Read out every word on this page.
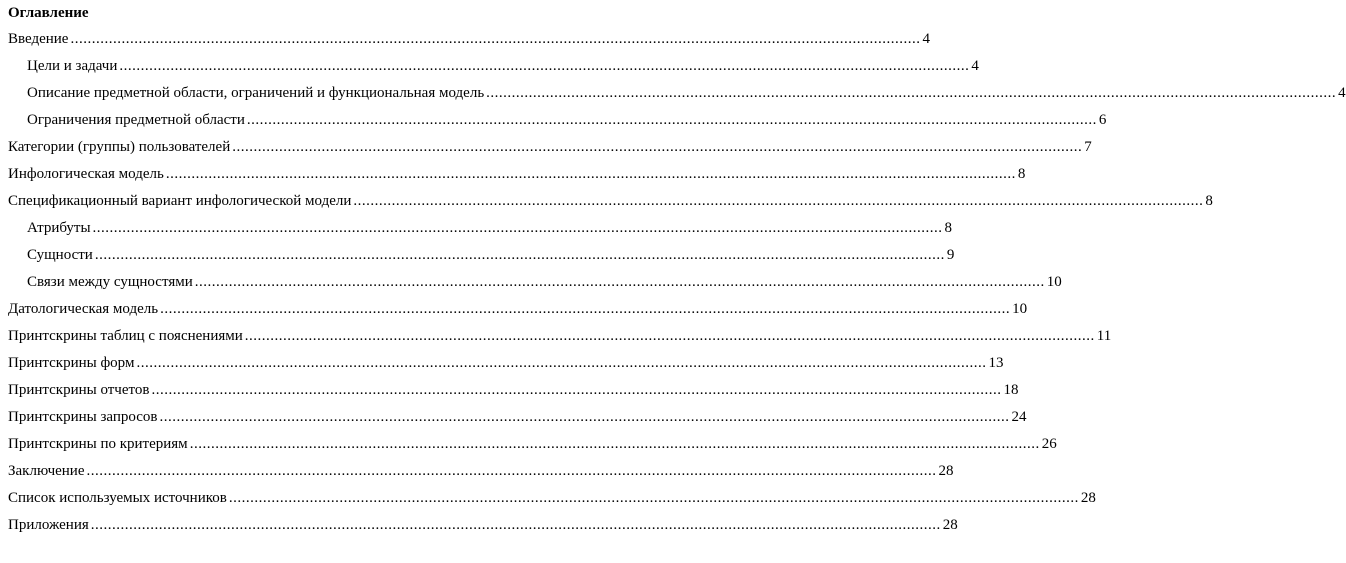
Оглавление
Введение ........................................................................................................................................................................................................ 4
Цели и задачи ........................................................................................................................................................................................................ 4
Описание предметной области, ограничений и функциональная модель ........................................................................................................................................................................................................ 4
Ограничения предметной области ........................................................................................................................................................................................................ 6
Категории (группы) пользователей ........................................................................................................................................................................................................ 7
Инфологическая модель ........................................................................................................................................................................................................ 8
Спецификационный вариант инфологической модели ........................................................................................................................................................................................................ 8
Атрибуты ........................................................................................................................................................................................................ 8
Сущности ........................................................................................................................................................................................................ 9
Связи между сущностями ........................................................................................................................................................................................................ 10
Датологическая модель ........................................................................................................................................................................................................ 10
Принтскрины таблиц с пояснениями ........................................................................................................................................................................................................ 11
Принтскрины форм ........................................................................................................................................................................................................ 13
Принтскрины отчетов ........................................................................................................................................................................................................ 18
Принтскрины запросов ........................................................................................................................................................................................................ 24
Принтскрины по критериям ........................................................................................................................................................................................................ 26
Заключение ........................................................................................................................................................................................................ 28
Список используемых источников ........................................................................................................................................................................................................ 28
Приложения ........................................................................................................................................................................................................ 28
